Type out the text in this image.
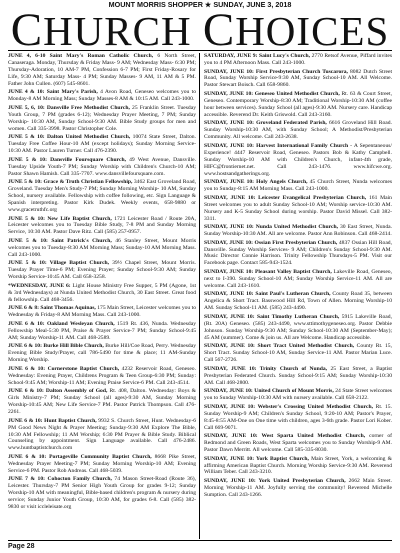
MOUNT MORRIS SHOPPER ★ SUNDAY, JUNE 3, 2018
CHURCH CHOICES

JUNE 4, 6-10 Saint Mary's Roman Catholic Church, 6 North Street, Canaseraga. Monday, Thursday & Friday Mass- 9 AM; Wednesday Mass- 6:30 PM; Thursday-Adoration, 10 AM-7 PM, Confession 6-7 PM; First Friday-Rosary for Life, 9:30 AM; Saturday Mass- 4 PM; Sunday Masses- 9 AM, 11 AM & 5 PM. Father John Cullen. (607) 545-8601.

JUNE 4 & 10: Saint Mary's Parish, 4 Avon Road, Geneseo welcomes you to Monday-8 AM Morning Mass; Sunday Masses-8 AM & 10:15 AM. Call 243-1000.

JUNE 5, 6, 10: Dansville Free Methodist Church, 25 Franklin Street. Tuesday Youth Group, 7 PM (grades 6-12); Wednesday Prayer Meeting, 7 PM; Sunday Worship- 10:30 AM, Sunday School-9:30 AM. Bible Study groups for men and women. Call 335-3998. Pastor Christopher Cole.

JUNE 5 & 10: Dalton United Methodist Church, 10074 State Street, Dalton. Tuesday Free Coffee Hour-10 AM (except holidays); Sunday Morning Service-10:30 AM. Pastor Lauren Turner. Call 476-2390.

JUNE 5 & 10: Dansville Foursquare Church, 49 West Avenue, Dansville. Tuesday Upside Youth-7 PM; Sunday Worship with Children's Church-10 AM; Pastor Shawn Hamish. Call 335-7707. www.dansvillefoursquare.com.

JUNE 5 & 10: Grace & Truth Christian Fellowship, 3462 East Groveland Road, Groveland. Tuesday Men's Study-7 PM; Sunday Morning Worship- 10 AM, Sunday School, nursery available. Fellowship with coffee following, etc. Sign Language & Spanish interpreting. Pastor Kirk Dudek. Weekly events, 658-9880 or www.gracetruthfc.org

JUNE 5 & 10: New Life Baptist Church, 1721 Leicester Road / Route 20A, Leicester welcomes you to Tuesday Bible Study, 7-8 PM and Sunday Morning Service, 10:30 AM. Pastor Dave Ritz. Call (585) 257-0957.

JUNE 5 & 10: Saint Patrick's Church, 46 Stanley Street, Mount Morris welcomes you to Tuesday-8:30 AM Morning Mass; Sunday-10 AM Morning Mass. Call 243-1000.

JUNE 5 & 10: Village Baptist Church, 39½ Chapel Street, Mount Morris. Tuesday Prayer Time-6 PM; Evening Prayer; Sunday School-9:30 AM; Sunday Worship Service-10:45 AM. Call 658-3258.

*WEDNESDAY, JUNE 6: Light House Ministry Free Supper, 5 PM (Agone, 1st & 3rd Wednesdays) at Nunda United Methodist Church, 30 East Street. Great food & fellowship. Call 468-3456.

JUNE 6 & 8: Saint Thomas Aquinas, 175 Main Street, Leicester welcomes you to Wednesday & Friday-8 AM Morning Mass. Call 243-1000.

JUNE 6 & 10: Oakland Wesleyan Church, 1519 Rt. 436, Nunda. Wednesday Fellowship Meal-5:30 PM, Praise & Prayer Service-7 PM; Sunday School-9:45 AM; Sunday Worship-11 AM. Call 468-2589.

JUNE 6 & 10: Burke Hill Bible Church, Burke Hill/Coe Road, Perry. Wednesday Evening Bible Study/Prayer, call 786-5490 for time & place; 11 AM-Sunday Morning Worship.

JUNE 6 & 10: Cornerstone Baptist Church, 4232 Reservoir Road, Geneseo. Wednesday: Evening Prayer, Childrens Program & Teen Group-6:30 PM; Sunday: School-9:45 AM; Worship-11 AM; Evening Praise Service-6 PM. Call 243-4514.

JUNE 6 & 10: Dalton Assembly of God, Rt. 408, Dalton. Wednesday: Boys & Girls Ministry-7 PM; Sunday School (all ages)-9:30 AM, Sunday Morning Worship-10:45 AM; New Life Service-7 PM. Pastor Patrick Thompson. Call 476-2261.

JUNE 6 & 10: Hunt Baptist Church, 9932 S. Church Street, Hunt. Wednesday-6 PM Good News Night & Prayer Meeting; Sunday-9:30 AM Explore The Bible, 10:30 AM Fellowship; 11 AM Worship; 6:30 PM Prayer & Bible Study. Biblical Counseling by appointment. Sign Language available. Call 476-2486. www.huntbaptistchurch.com

JUNE 6 & 10: Portageville Community Baptist Church, 8668 Pike Street, Wednesday Prayer Meeting-7 PM; Sunday Morning Worship-10 AM; Evening Service-6 PM. Pastor Rob Andreas. Call 468-5039.

JUNE 7 & 10: Cohocton Family Church, 74 Mason Street-Road (Route 36), Leicester. Thursday-7 PM Senior High Youth Group for grades 9-12; Sunday Worship-10 AM with meaningful, Bible-based children's program & nursery during service; Sunday Junior Youth Group, 10:30 AM, for grades 6-8. Call (585) 382-9830 or visit iccleleisate.org

SATURDAY, JUNE 9: Saint Lucy's Church, 2770 Retsof Avenue, Piffard invites you to 4 PM Afternoon Mass. Call 243-1000.

SUNDAY, JUNE 10: First Presbyterian Church Tuscarora, 8082 Dutch Street Road, Sunday Worship Service-9:30 AM, Sunday School-10 AM. All Welcome. Pastor Stewart Boisch. Call 658-9860.

SUNDAY, JUNE 10: Geneseo United Methodist Church, Rt. 63 & Court Street, Geneseo. Contemporary Worship-8:30 AM; Traditional Worship-10:30 AM (coffee hour between services). Sunday School (all ages)-9:30 AM. Nursery care. Handicap accessible. Reverend Dr. Keith Griswold. Call 243-3160.

SUNDAY, JUNE 10: Groveland Federated Parish, 6616 Groveland Hill Road. Sunday Worship-10:30 AM, with Sunday School; A Methodist/Presbyterian Community. All welcome. Call 243-2638.

SUNDAY, JUNE 10: Harvest International Family Church - A Sepentaneous/ Experience! 4447 Reservoir Road, Geneseo. Pastors Bob & Kathy Campbell. Sunday Worship-10 AM with Children's Church, infant-4th grade, HIFC@frontiernet.net. Call 243-1476. www.hifcwe.org. www.hostsandgatherings.org.

SUNDAY, JUNE 10: Holy Angels Church, 45 Church Street, Nunda welcomes you to Sunday-8:15 AM Morning Mass. Call 243-1000.

SUNDAY, JUNE 10: Leicester Evangelical Presbyterian Church, 161 Main Street welcomes you to adult Sunday School-10 AM; Worship service-10:30 AM. Nursery and K-5 Sunday School during worship. Pastor David Missel. Call 382-3311.

SUNDAY, JUNE 10: Nunda United Methodist Church, 30 East Street, Nunda. Sunday Worship-10:30 AM. All are welcome. Pastor Ann Robinson. Call 468-2414.

SUNDAY, JUNE 10: Ossian First Presbyterian Church, 4837 Ossian Hill Road, Dansville. Sunday Worship Services- 9 AM; Children's Sunday School-9:30 AM. Music Director Connie Harrison. Trinity Fellowship Thursdays-5 PM. Visit our Facebook page. Contact 585-943-1524.

SUNDAY, JUNE 10: Pleasant Valley Baptist Church, Lakeville Road, Geneseo, next to I-390. Sunday School-10 AM; Sunday Worship Service-11 AM. All are welcome. Call 243-1610.

SUNDAY, JUNE 10: Saint Paul's Lutheran Church, County Road 35, between Angelica & Short Tract. Basswood Hill Rd, Town of Allen. Morning Worship-10 AM. Sunday School-11 AM. (585) 243-4490.

SUNDAY, JUNE 10: Saint Timothy Lutheran Church, 5915 Lakeville Road, (Rt. 20A) Geneseo. (585) 243-4490, www.sttimothygeneseo.org. Pastor Debbie Johnson. Sunday Worship-9:30 AM; Sunday School-10:30 AM (September-May); 45 AM (summer). Come & join us. All are Welcome. Handicap accessible.

SUNDAY, JUNE 10: Short Tract United Methodist Church, County Rt. 15, Short Tract. Sunday School-10 AM, Sunday Service-11 AM. Pastor Marian Luce. Call 567-2726.

SUNDAY, JUNE 10: Trinity Church of Nunda, 25 East Street, a Baptist Presbyterian Federated Church. Sunday School-9:15 AM; Sunday Worship-10:30 AM. Call 468-2800.

SUNDAY, JUNE 10: United Church of Mount Morris, 24 State Street welcomes you to Sunday Worship-10:30 AM with nursery available. Call 658-2122.

SUNDAY, JUNE 10: Webster's Crossing United Methodist Church, Rt. 15. Sunday Worship-9 AM; Children's Sunday School, 9:20-10 AM; Pastor's Prayer, 8:45-8:55 AM-One on One time with children, ages 3-6th grade. Pastor Lori Kober. Call 669-9071.

SUNDAY, JUNE 10: West Sparta United Methodist Church, corner of Redmond and Green Roads, West Sparta welcomes you to Sunday Worship-9 AM. Pastor Dawn Merritt. All welcome. Call 585-335-8030.

SUNDAY, JUNE 10: York Baptist Church, Main Street, York, a welcoming & affirming American Baptist Church. Morning Worship Service-9:30 AM. Reverend William Teber. Call 243-3210.

SUNDAY, JUNE 10: York United Presbyterian Church, 2662 Main Street. Morning Worship-11 AM. Joyfully serving the community! Reverend Michelle Sumption. Call 243-1266.

Page 28
